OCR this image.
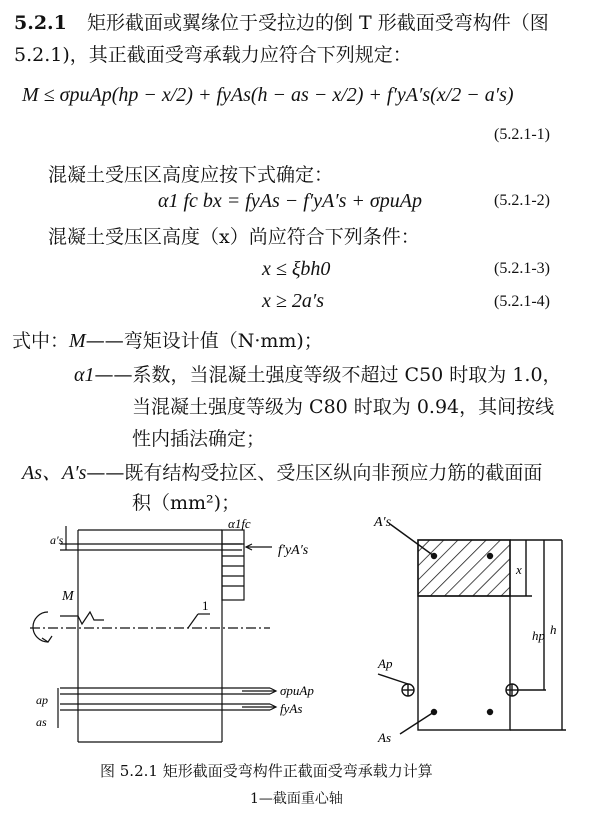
5.2.1 矩形截面或翼缘位于受拉边的倒 T 形截面受弯构件（图
5.2.1)，其正截面受弯承载力应符合下列规定：
M ≤ σpuAp(hp − x/2) + fyAs(h − as − x/2) + f′yA′s(x/2 − a′s)
(5.2.1-1)
混凝土受压区高度应按下式确定：
α1 fc bx = fyAs − f′yA′s + σpuAp	(5.2.1-2)
混凝土受压区高度（x）尚应符合下列条件：
x ≤ ξbh0	(5.2.1-3)
x ≥ 2a′s	(5.2.1-4)
式中：M——弯矩设计值（N·mm)；
α1——系数，当混凝土强度等级不超过 C50 时取为 1.0，
当混凝土强度等级为 C80 时取为 0.94，其间按线
性内插法确定；
As、A′s——既有结构受拉区、受压区纵向非预应力筋的截面面
积（mm²)；
a′s
α1fc
f′yA′s
M
1
σpuAp
fyAs
ap
as
A′s
x
hp h
Ap
As
图 5.2.1 矩形截面受弯构件正截面受弯承载力计算
1—截面重心轴
